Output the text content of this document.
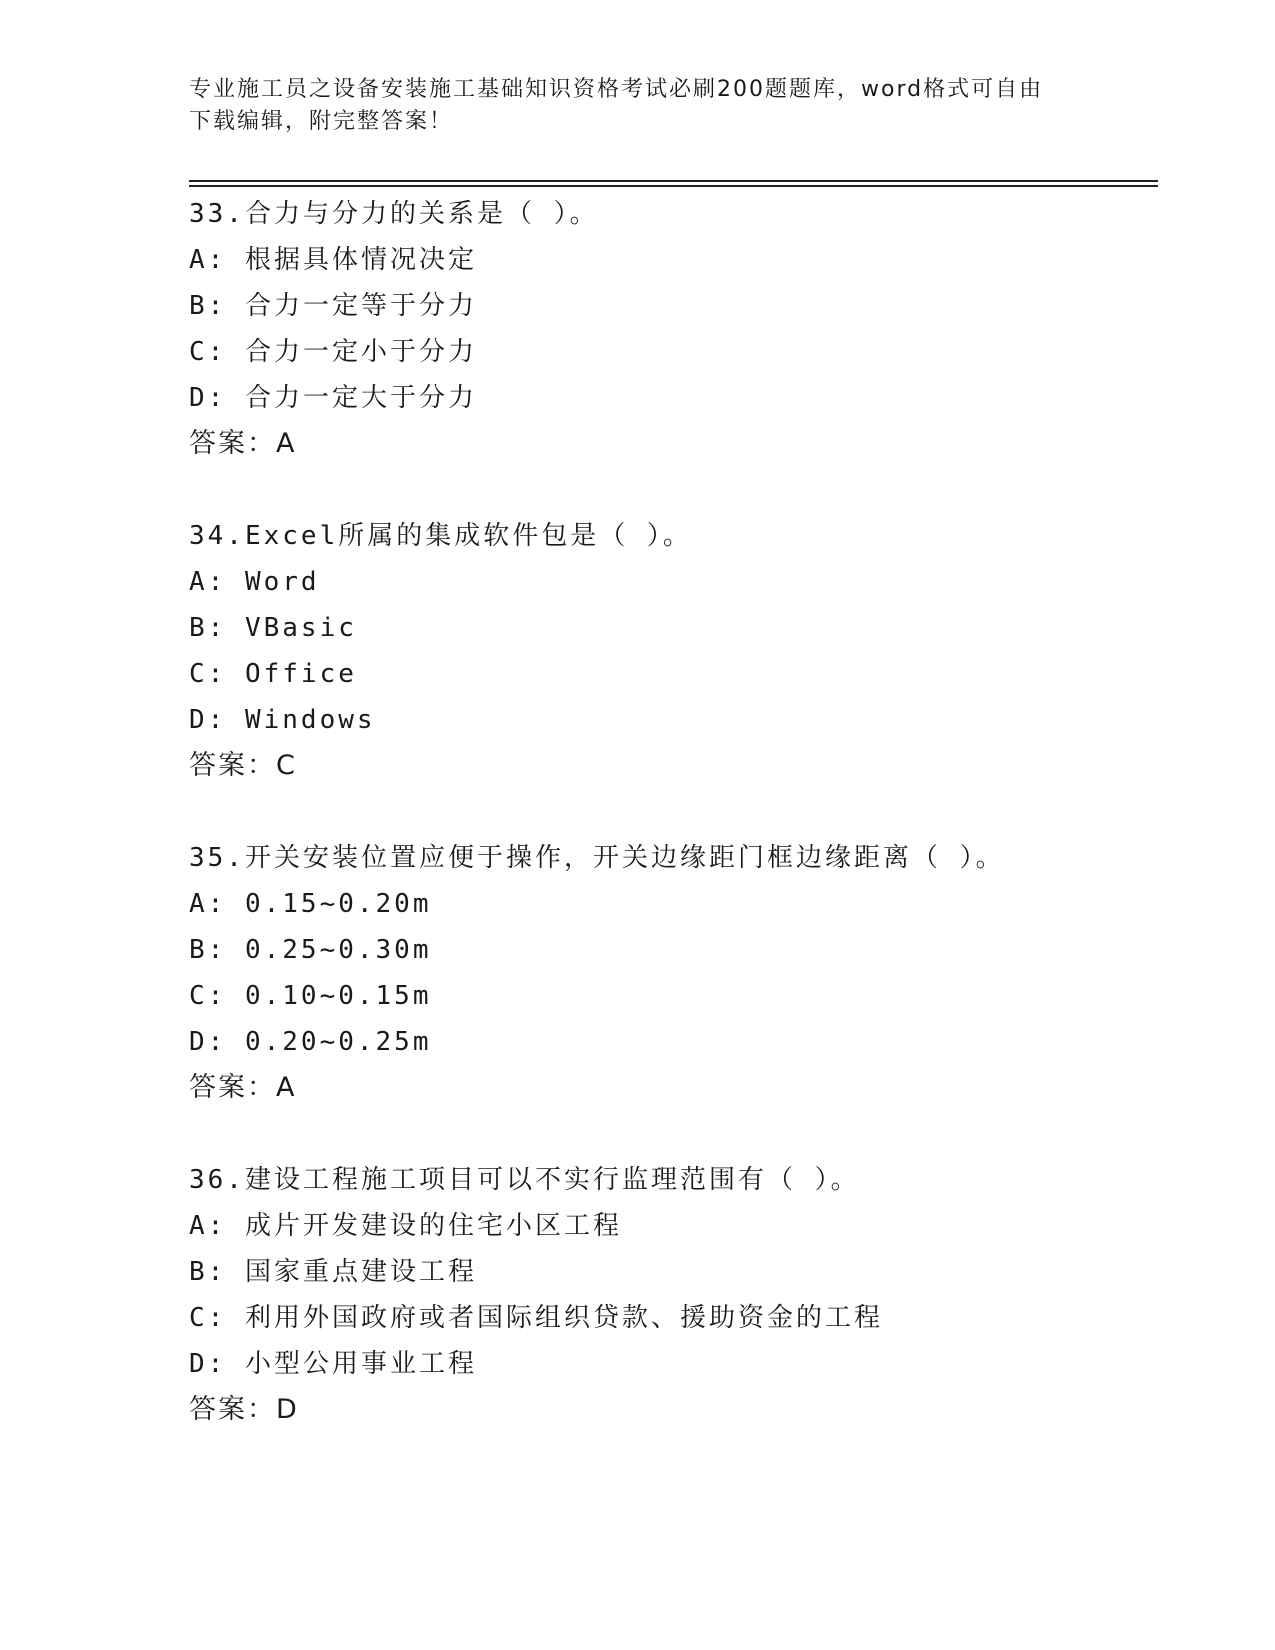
专业施工员之设备安装施工基础知识资格考试必刷200题题库，word格式可自由
下载编辑，附完整答案！
33.合力与分力的关系是（ ）。
A: 根据具体情况决定
B: 合力一定等于分力
C: 合力一定小于分力
D: 合力一定大于分力
答案：A
34.Excel所属的集成软件包是（ ）。
A: Word
B: VBasic
C: Office
D: Windows
答案：C
35.开关安装位置应便于操作，开关边缘距门框边缘距离（ ）。
A: 0.15~0.20m
B: 0.25~0.30m
C: 0.10~0.15m
D: 0.20~0.25m
答案：A
36.建设工程施工项目可以不实行监理范围有（ ）。
A: 成片开发建设的住宅小区工程
B: 国家重点建设工程
C: 利用外国政府或者国际组织贷款、援助资金的工程
D: 小型公用事业工程
答案：D
